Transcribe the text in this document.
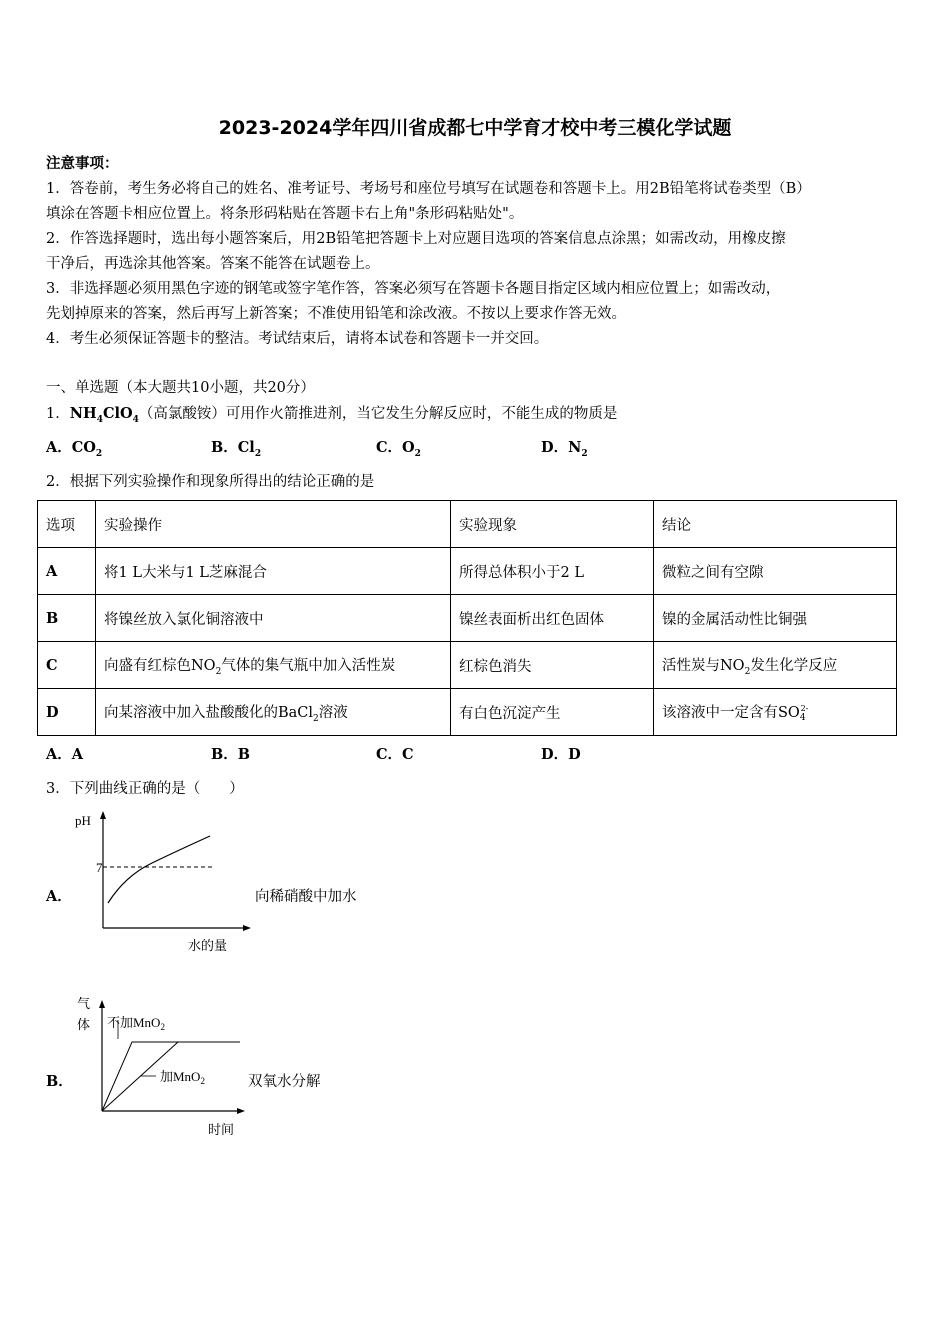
2023-2024学年四川省成都七中学育才校中考三模化学试题
注意事项：
1．答卷前，考生务必将自己的姓名、准考证号、考场号和座位号填写在试题卷和答题卡上。用2B铅笔将试卷类型（B）
填涂在答题卡相应位置上。将条形码粘贴在答题卡右上角"条形码粘贴处"。
2．作答选择题时，选出每小题答案后，用2B铅笔把答题卡上对应题目选项的答案信息点涂黑；如需改动，用橡皮擦
干净后，再选涂其他答案。答案不能答在试题卷上。
3．非选择题必须用黑色字迹的钢笔或签字笔作答，答案必须写在答题卡各题目指定区域内相应位置上；如需改动，
先划掉原来的答案，然后再写上新答案；不准使用铅笔和涂改液。不按以上要求作答无效。
4．考生必须保证答题卡的整洁。考试结束后，请将本试卷和答题卡一并交回。
一、单选题（本大题共10小题，共20分）
1．$NH_4ClO_4$（高氯酸铵）可用作火箭推进剂，当它发生分解反应时，不能生成的物质是
A．$CO_2$	B．$Cl_2$	C．$O_2$	D．$N_2$
2．根据下列实验操作和现象所得出的结论正确的是
选项	实验操作	实验现象	结论
A	将1 L大米与1 L芝麻混合	所得总体积小于2 L	微粒之间有空隙
B	将镍丝放入氯化铜溶液中	镍丝表面析出红色固体	镍的金属活动性比铜强
C	向盛有红棕色$NO_2$气体的集气瓶中加入活性炭	红棕色消失	活性炭与$NO_2$发生化学反应
D	向某溶液中加入盐酸酸化的BaCl$_2$溶液	有白色沉淀产生	该溶液中一定含有$SO_4^{2-}$
A．A	B．B	C．C	D．D
3．下列曲线正确的是（　　）
A．
pH
7
水的量
向稀硝酸中加水
B．
气
体 不加MnO$_2$
加MnO$_2$
时间
双氧水分解
